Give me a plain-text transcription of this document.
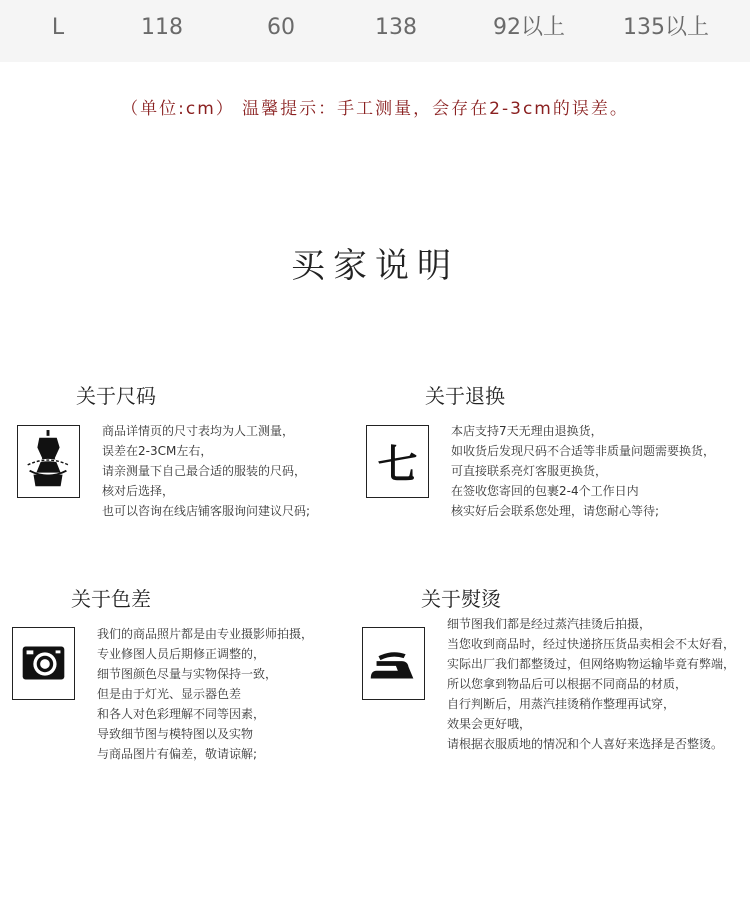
L	118	60	138	92以上	135以上
（单位:cm） 温馨提示：手工测量，会存在2-3cm的误差。
买家说明
关于尺码
商品详情页的尺寸表均为人工测量，
误差在2-3CM左右，
请亲测量下自己最合适的服装的尺码，
核对后选择，
也可以咨询在线店铺客服询问建议尺码;
关于退换
七
本店支持7天无理由退换货，
如收货后发现尺码不合适等非质量问题需要换货，
可直接联系亮灯客服更换货，
在签收您寄回的包裹2-4个工作日内
核实好后会联系您处理，请您耐心等待;
关于色差
我们的商品照片都是由专业摄影师拍摄，
专业修图人员后期修正调整的，
细节图颜色尽量与实物保持一致，
但是由于灯光、显示器色差
和各人对色彩理解不同等因素，
导致细节图与模特图以及实物
与商品图片有偏差，敬请谅解;
关于熨烫
细节图我们都是经过蒸汽挂烫后拍摄，
当您收到商品时，经过快递挤压货品卖相会不太好看，
实际出厂我们都整烫过，但网络购物运输毕竟有弊端，
所以您拿到物品后可以根据不同商品的材质，
自行判断后，用蒸汽挂烫稍作整理再试穿，
效果会更好哦，
请根据衣服质地的情况和个人喜好来选择是否整烫。
